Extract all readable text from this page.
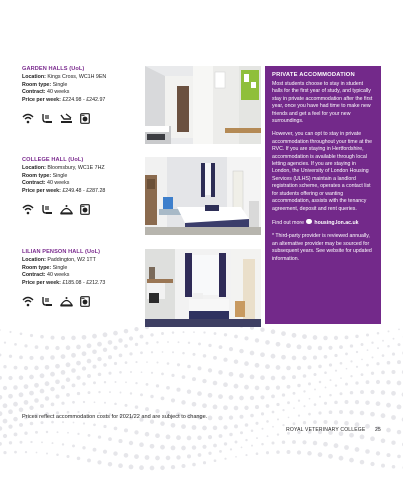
GARDEN HALLS (UoL)
Location: Kings Cross, WC1H 9EN
Room type: Single
Contract: 40 weeks
Price per week: £224.98 - £242.97
COLLEGE HALL (UoL)
Location: Bloomsbury, WC1E 7HZ
Room type: Single
Contract: 40 weeks
Price per week: £249.48 - £287.28
LILIAN PENSON HALL (UoL)
Location: Paddington, W2 1TT
Room type: Single
Contract: 40 weeks
Price per week: £185.08 - £212.73
PRIVATE ACCOMMODATION

Most students choose to stay in student halls for the first year of study, and typically stay in private accommodation after the first year, once you have had time to make new friends and get a feel for your new surroundings.

However, you can opt to stay in private accommodation throughout your time at the RVC. If you are staying in Hertfordshire, accommodation is available through local letting agencies. If you are staying in London, the University of London Housing Services (ULHS) maintain a landlord registration scheme, operates a contact list for students offering or wanting accommodation, assists with the tenancy agreement, deposit and rent queries.

Find out more housing.lon.ac.uk

* Third-party provider is reviewed annually, an alternative provider may be sourced for subsequent years. See website for updated information.

Prices reflect accommodation costs for 2021/22 and are subject to change.
ROYAL VETERINARY COLLEGE 25
